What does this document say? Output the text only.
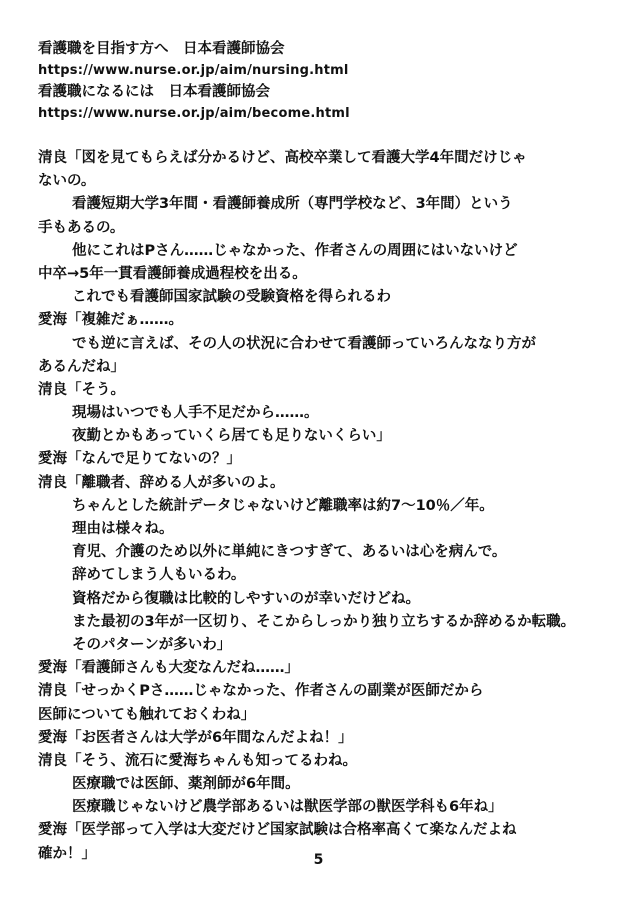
看護職を目指す方へ　日本看護師協会
https://www.nurse.or.jp/aim/nursing.html
看護職になるには　日本看護師協会
https://www.nurse.or.jp/aim/become.html
清良「図を見てもらえば分かるけど、高校卒業して看護大学4年間だけじゃ
ないの。
看護短期大学3年間・看護師養成所（専門学校など、3年間）という
手もあるの。
他にこれはPさん……じゃなかった、作者さんの周囲にはいないけど
中卒→5年一貫看護師養成過程校を出る。
これでも看護師国家試験の受験資格を得られるわ
愛海「複雑だぁ……。
でも逆に言えば、その人の状況に合わせて看護師っていろんななり方が
あるんだね」
清良「そう。
現場はいつでも人手不足だから……。
夜勤とかもあっていくら居ても足りないくらい」
愛海「なんで足りてないの？」
清良「離職者、辞める人が多いのよ。
ちゃんとした統計データじゃないけど離職率は約7～10％／年。
理由は様々ね。
育児、介護のため以外に単純にきつすぎて、あるいは心を病んで。
辞めてしまう人もいるわ。
資格だから復職は比較的しやすいのが幸いだけどね。
また最初の3年が一区切り、そこからしっかり独り立ちするか辞めるか転職。
そのパターンが多いわ」
愛海「看護師さんも大変なんだね……」
清良「せっかくPさ……じゃなかった、作者さんの副業が医師だから
医師についても触れておくわね」
愛海「お医者さんは大学が6年間なんだよね！」
清良「そう、流石に愛海ちゃんも知ってるわね。
医療職では医師、薬剤師が6年間。
医療職じゃないけど農学部あるいは獣医学部の獣医学科も6年ね」
愛海「医学部って入学は大変だけど国家試験は合格率高くて楽なんだよね
確か！」	5
